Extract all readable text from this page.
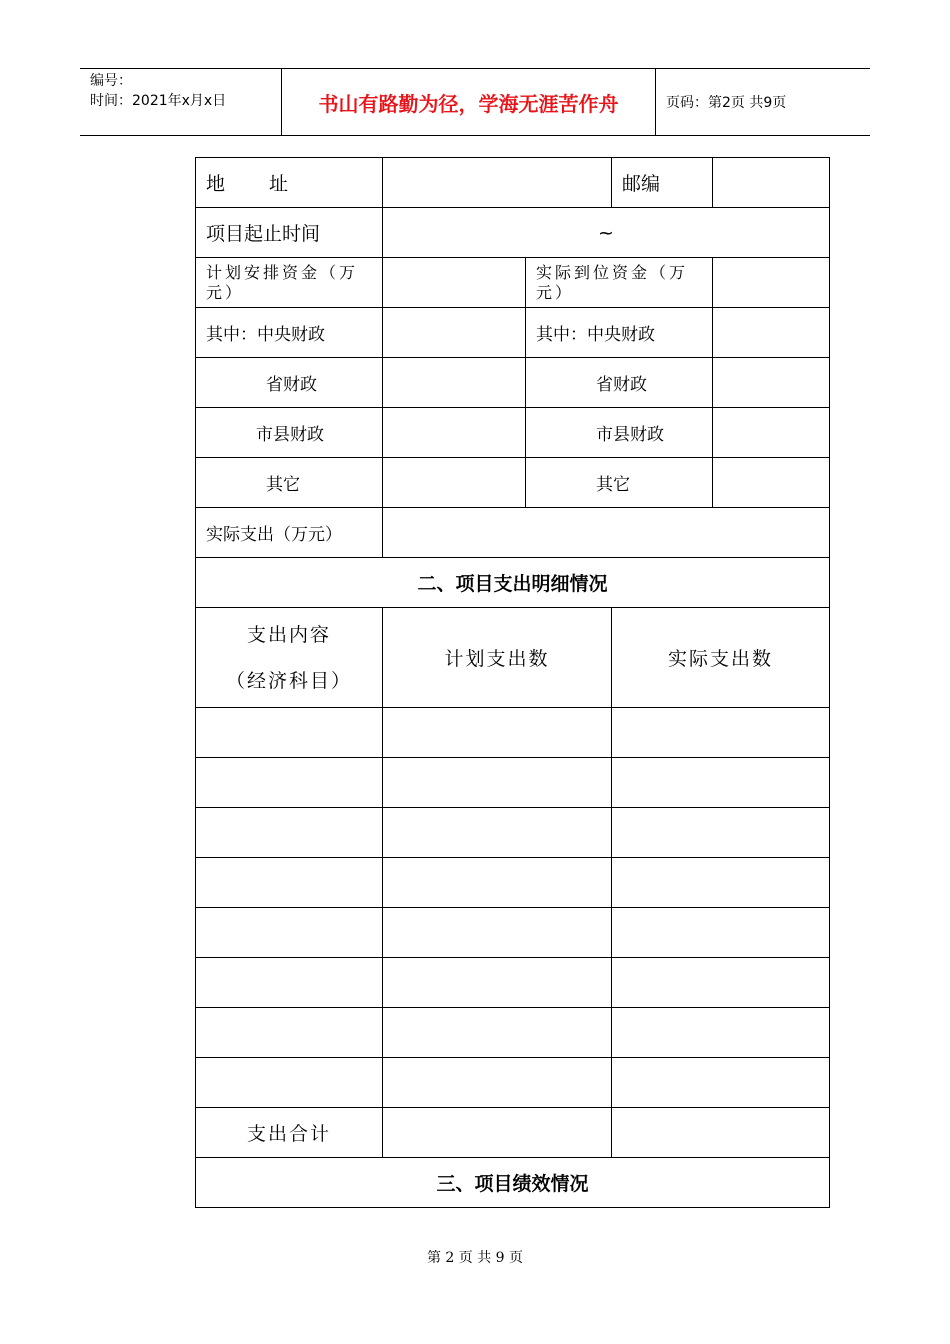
编号：
时间：2021年x月x日	书山有路勤为径，学海无涯苦作舟	页码：第2页 共9页
地　　址			邮编	
项目起止时间	~			
计划安排资金（万元）		实际到位资金（万元）		
其中：中央财政		其中：中央财政		
省财政		省财政		
市县财政		市县财政		
其它		其它		
实际支出（万元）				
二、项目支出明细情况				

支出内容
（经济科目）	计划支出数		实际支出数	

支出合计				
三、项目绩效情况				
第 2 页 共 9 页
